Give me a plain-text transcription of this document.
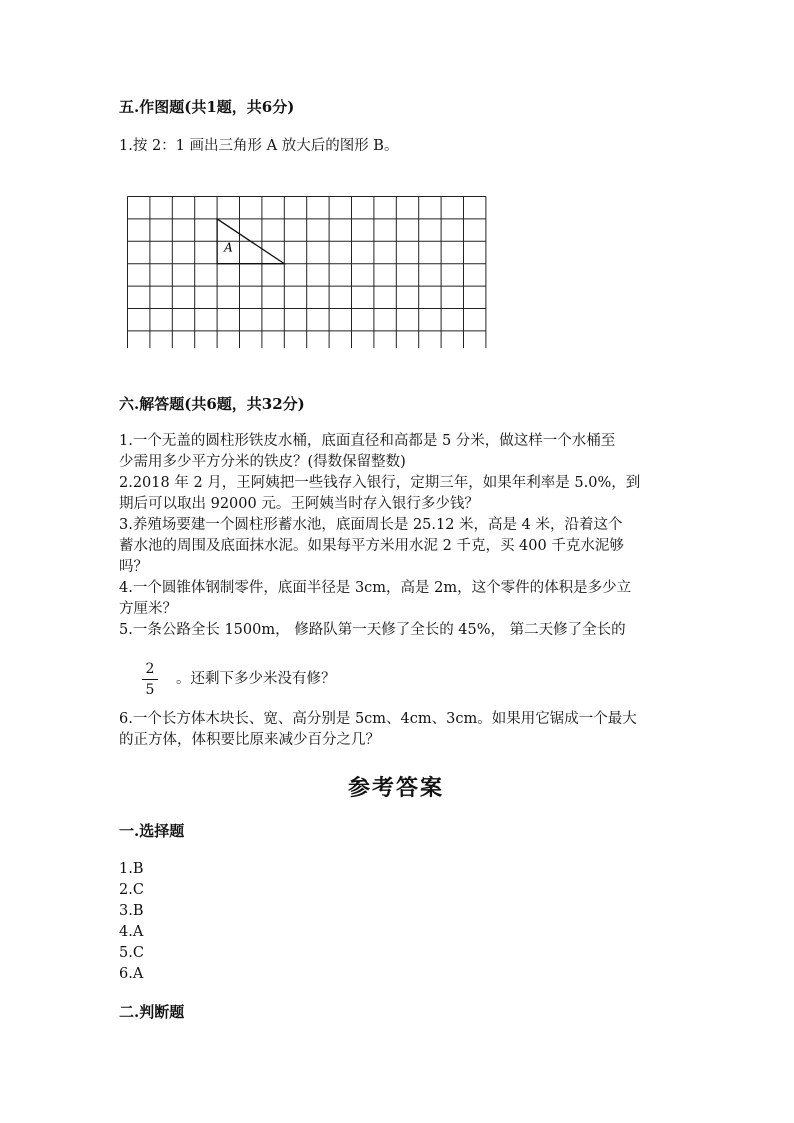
五.作图题(共1题，共6分)
1.按 2：1 画出三角形 A 放大后的图形 B。
A
六.解答题(共6题，共32分)
1.一个无盖的圆柱形铁皮水桶，底面直径和高都是 5 分米，做这样一个水桶至
少需用多少平方分米的铁皮？(得数保留整数)
2.2018 年 2 月，王阿姨把一些钱存入银行，定期三年，如果年利率是 5.0%，到
期后可以取出 92000 元。王阿姨当时存入银行多少钱？
3.养殖场要建一个圆柱形蓄水池，底面周长是 25.12 米，高是 4 米，沿着这个
蓄水池的周围及底面抹水泥。如果每平方米用水泥 2 千克，买 400 千克水泥够
吗？
4.一个圆锥体钢制零件，底面半径是 3cm，高是 2m，这个零件的体积是多少立
方厘米？
5.一条公路全长 1500m， 修路队第一天修了全长的 45%， 第二天修了全长的
2
5
。还剩下多少米没有修？
6.一个长方体木块长、宽、高分别是 5cm、4cm、3cm。如果用它锯成一个最大
的正方体，体积要比原来减少百分之几？
参考答案
一.选择题
1.B
2.C
3.B
4.A
5.C
6.A
二.判断题
